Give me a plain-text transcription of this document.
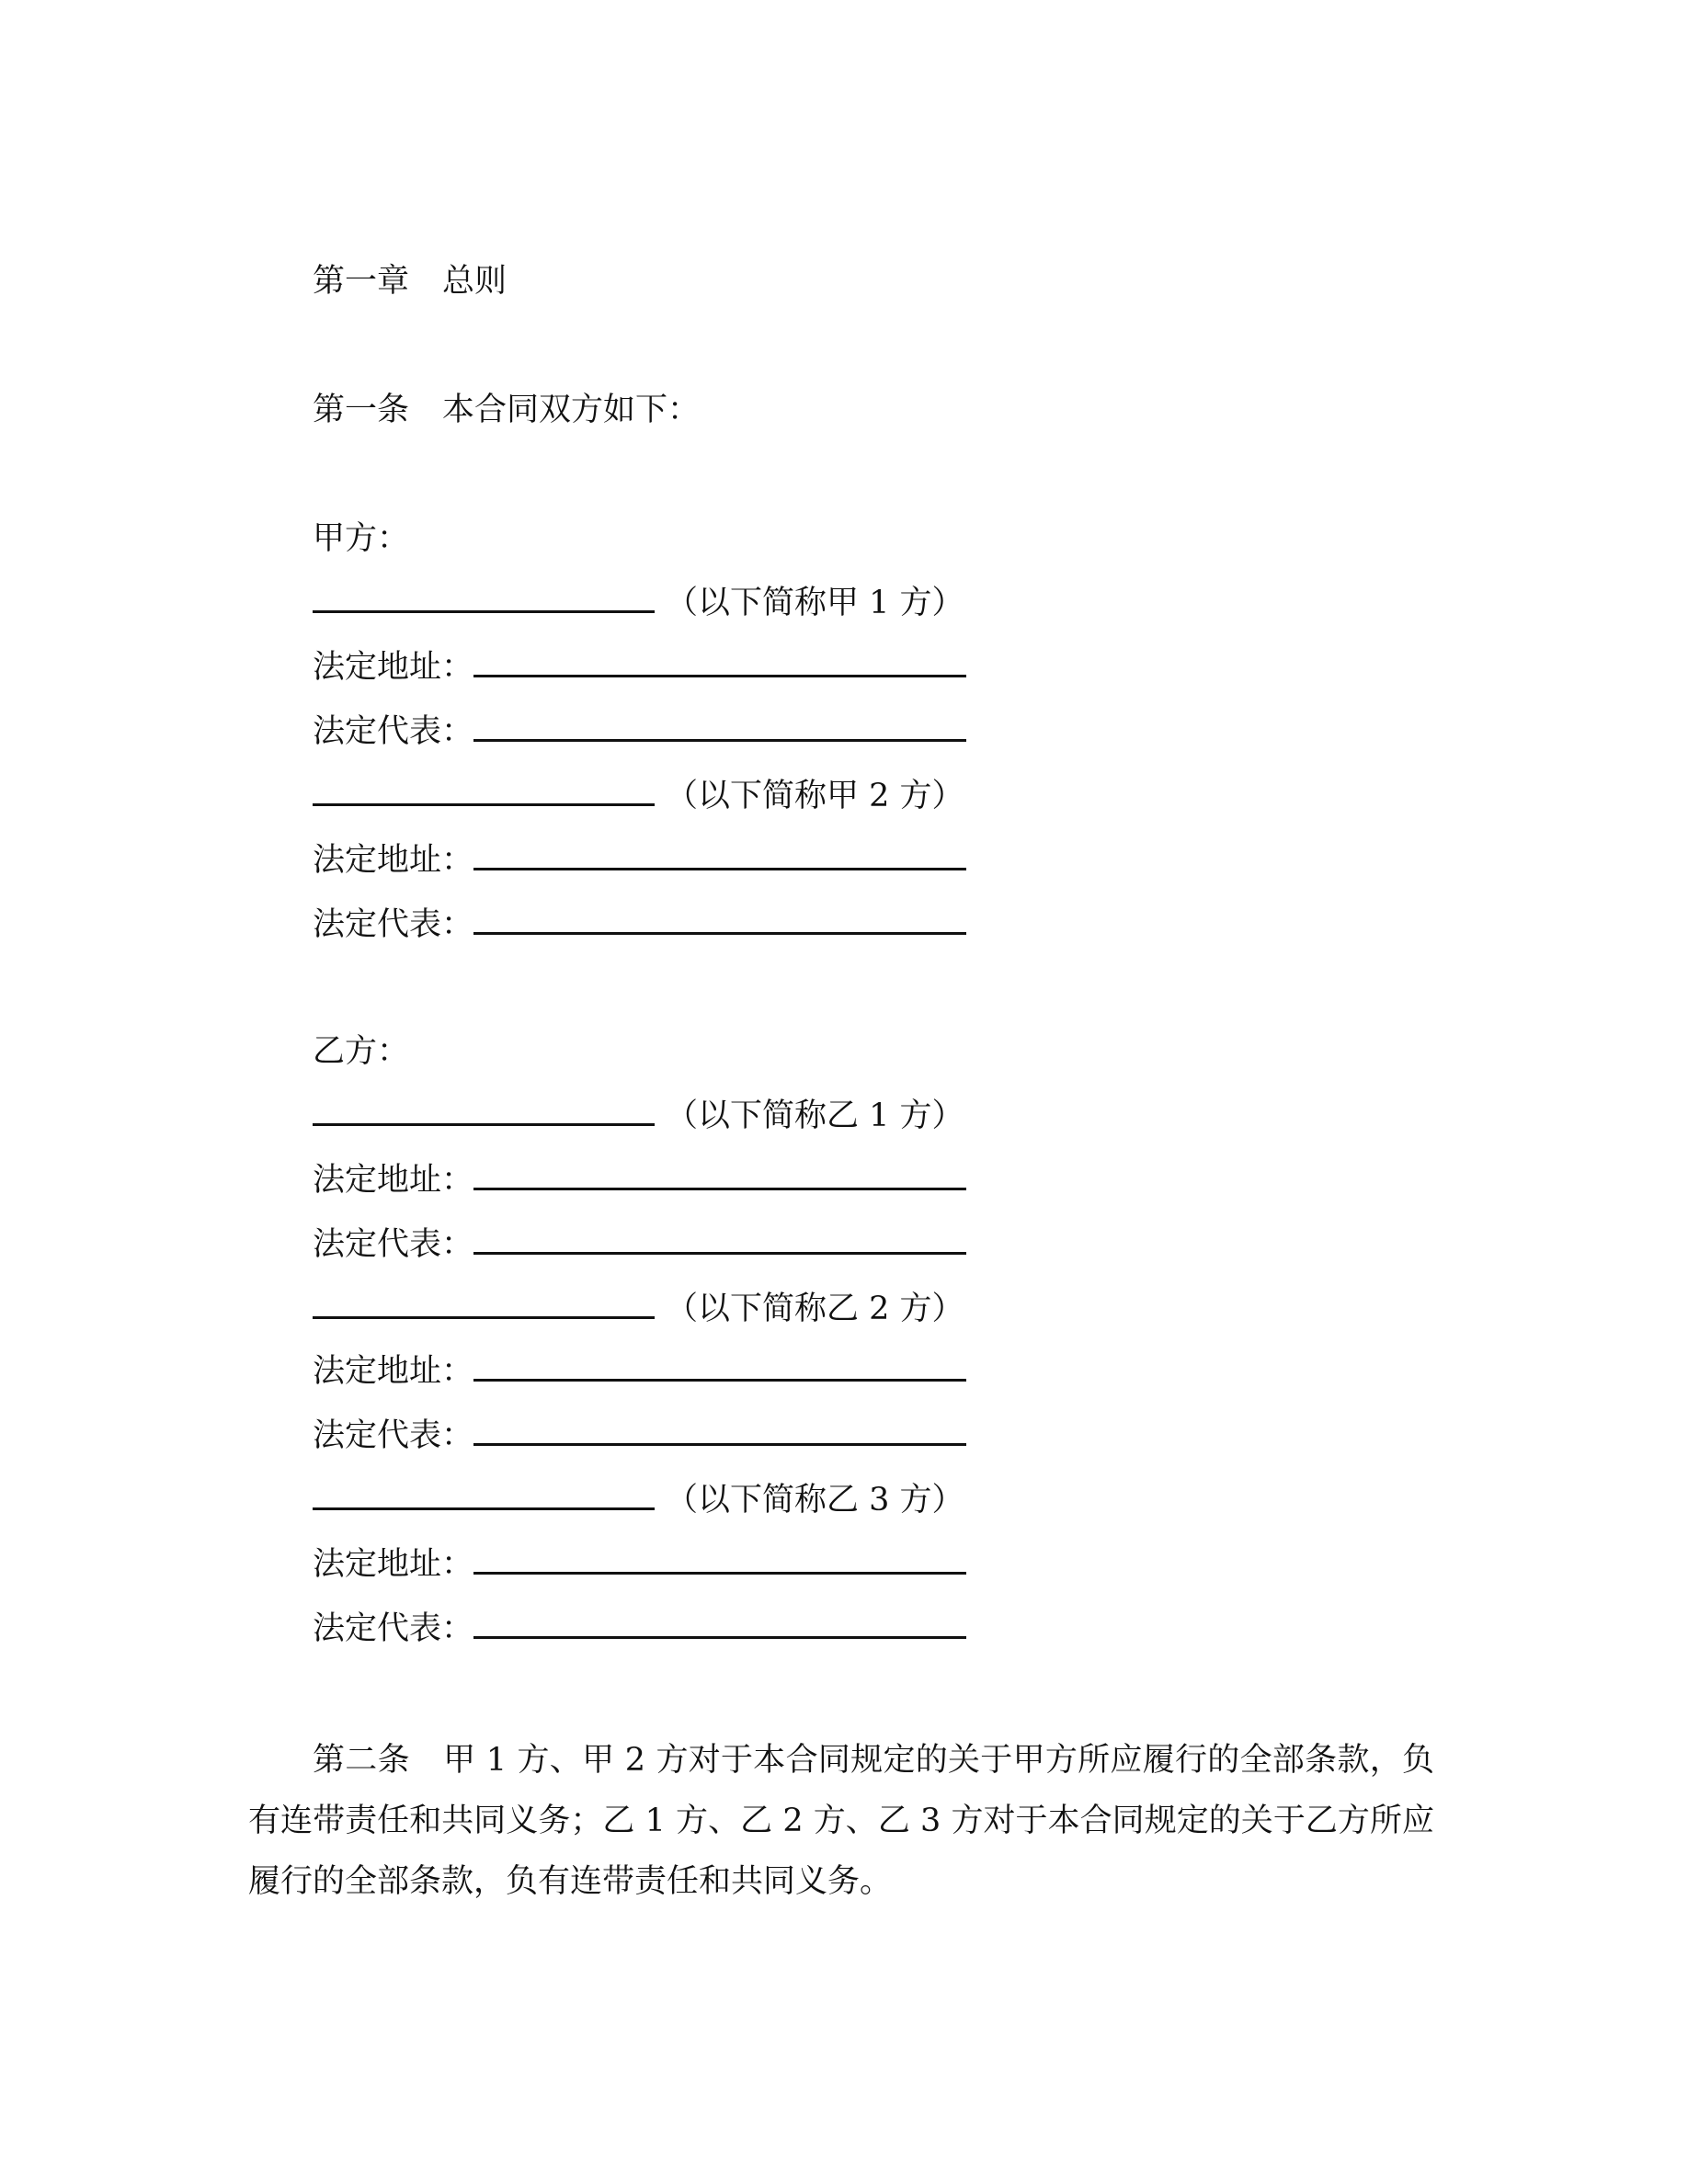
第一章 总则
第一条 本合同双方如下：
甲方：
（以下简称甲 1 方）
法定地址：
法定代表：
（以下简称甲 2 方）
法定地址：
法定代表：
乙方：
（以下简称乙 1 方）
法定地址：
法定代表：
（以下简称乙 2 方）
法定地址：
法定代表：
（以下简称乙 3 方）
法定地址：
法定代表：
第二条 甲 1 方、甲 2 方对于本合同规定的关于甲方所应履行的全部条款，负有连带责任和共同义务；乙 1 方、乙 2 方、乙 3 方对于本合同规定的关于乙方所应履行的全部条款，负有连带责任和共同义务。
